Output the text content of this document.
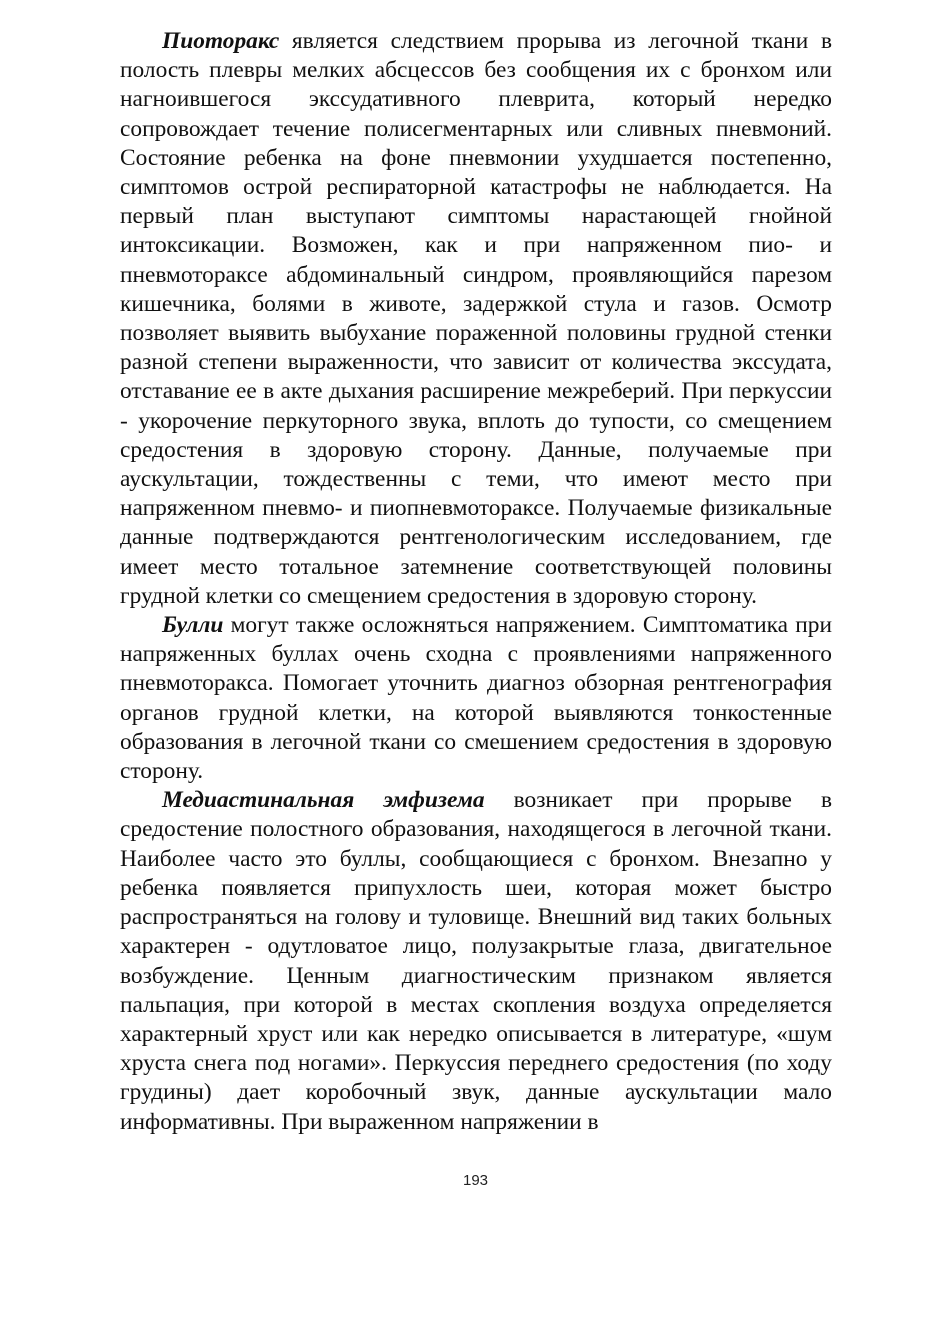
Пиоторакс является следствием прорыва из легочной ткани в полость плевры мелких абсцессов без сообщения их с бронхом или нагноившегося экссудативного плеврита, который нередко сопровождает течение полисегментарных или сливных пневмоний. Состояние ребенка на фоне пневмонии ухудшается постепенно, симптомов острой респираторной катастрофы не наблюдается. На первый план выступают симптомы нарастающей гнойной интоксикации. Возможен, как и при напряженном пио- и пневмотораксе абдоминальный синдром, проявляющийся парезом кишечника, болями в животе, задержкой стула и газов. Осмотр позволяет выявить выбухание пораженной половины грудной стенки разной степени выраженности, что зависит от количества экссудата, отставание ее в акте дыхания расширение межреберий. При перкуссии - укорочение перкуторного звука, вплоть до тупости, со смещением средостения в здоровую сторону. Данные, получаемые при аускультации, тождественны с теми, что имеют место при напряженном пневмо- и пиопневмотораксе. Получаемые физикальные данные подтверждаются рентгенологическим исследованием, где имеет место тотальное затемнение соответствующей половины грудной клетки со смещением средостения в здоровую сторону.

Булли могут также осложняться напряжением. Симптоматика при напряженных буллах очень сходна с проявлениями напряженного пневмоторакса. Помогает уточнить диагноз обзорная рентгенография органов грудной клетки, на которой выявляются тонкостенные образования в легочной ткани со смешением средостения в здоровую сторону.

Медиастинальная эмфизема возникает при прорыве в средостение полостного образования, находящегося в легочной ткани. Наиболее часто это буллы, сообщающиеся с бронхом. Внезапно у ребенка появляется припухлость шеи, которая может быстро распространяться на голову и туловище. Внешний вид таких больных характерен - одутловатое лицо, полузакрытые глаза, двигательное возбуждение. Ценным диагностическим признаком является пальпация, при которой в местах скопления воздуха определяется характерный хруст или как нередко описывается в литературе, «шум хруста снега под ногами». Перкуссия переднего средостения (по ходу грудины) дает коробочный звук, данные аускультации мало информативны. При выраженном напряжении в

193
